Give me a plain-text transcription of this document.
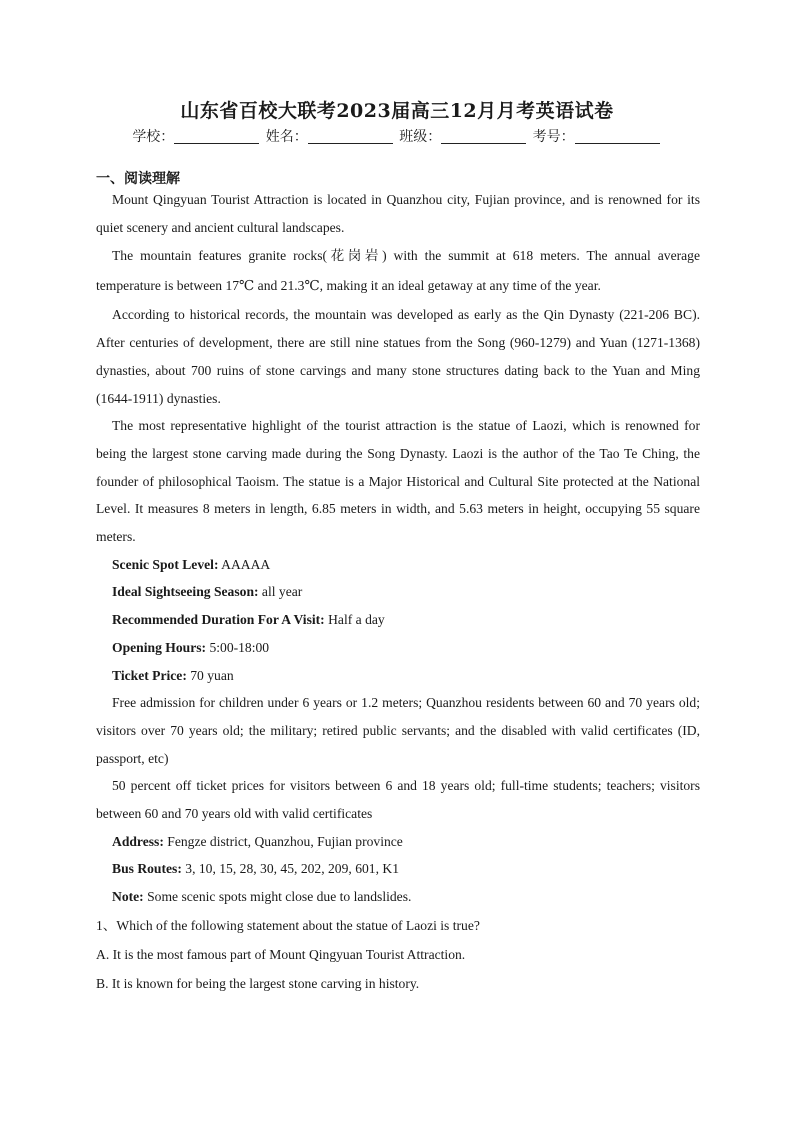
山东省百校大联考2023届高三12月月考英语试卷
学校：	姓名：	班级：	考号：
一、阅读理解

Mount Qingyuan Tourist Attraction is located in Quanzhou city, Fujian province, and is renowned for its quiet scenery and ancient cultural landscapes.

The mountain features granite rocks(花岗岩) with the summit at 618 meters. The annual average temperature is between 17℃ and 21.3℃, making it an ideal getaway at any time of the year.

According to historical records, the mountain was developed as early as the Qin Dynasty (221-206 BC). After centuries of development, there are still nine statues from the Song (960-1279) and Yuan (1271-1368) dynasties, about 700 ruins of stone carvings and many stone structures dating back to the Yuan and Ming (1644-1911) dynasties.

The most representative highlight of the tourist attraction is the statue of Laozi, which is renowned for being the largest stone carving made during the Song Dynasty. Laozi is the author of the Tao Te Ching, the founder of philosophical Taoism. The statue is a Major Historical and Cultural Site protected at the National Level. It measures 8 meters in length, 6.85 meters in width, and 5.63 meters in height, occupying 55 square meters.

Scenic Spot Level: AAAAA

Ideal Sightseeing Season: all year

Recommended Duration For A Visit: Half a day

Opening Hours: 5:00-18:00

Ticket Price: 70 yuan

Free admission for children under 6 years or 1.2 meters; Quanzhou residents between 60 and 70 years old; visitors over 70 years old; the military; retired public servants; and the disabled with valid certificates (ID, passport, etc)

50 percent off ticket prices for visitors between 6 and 18 years old; full-time students; teachers; visitors between 60 and 70 years old with valid certificates

Address: Fengze district, Quanzhou, Fujian province

Bus Routes: 3, 10, 15, 28, 30, 45, 202, 209, 601, K1

Note: Some scenic spots might close due to landslides.

1、Which of the following statement about the statue of Laozi is true?

A. It is the most famous part of Mount Qingyuan Tourist Attraction.

B. It is known for being the largest stone carving in history.
